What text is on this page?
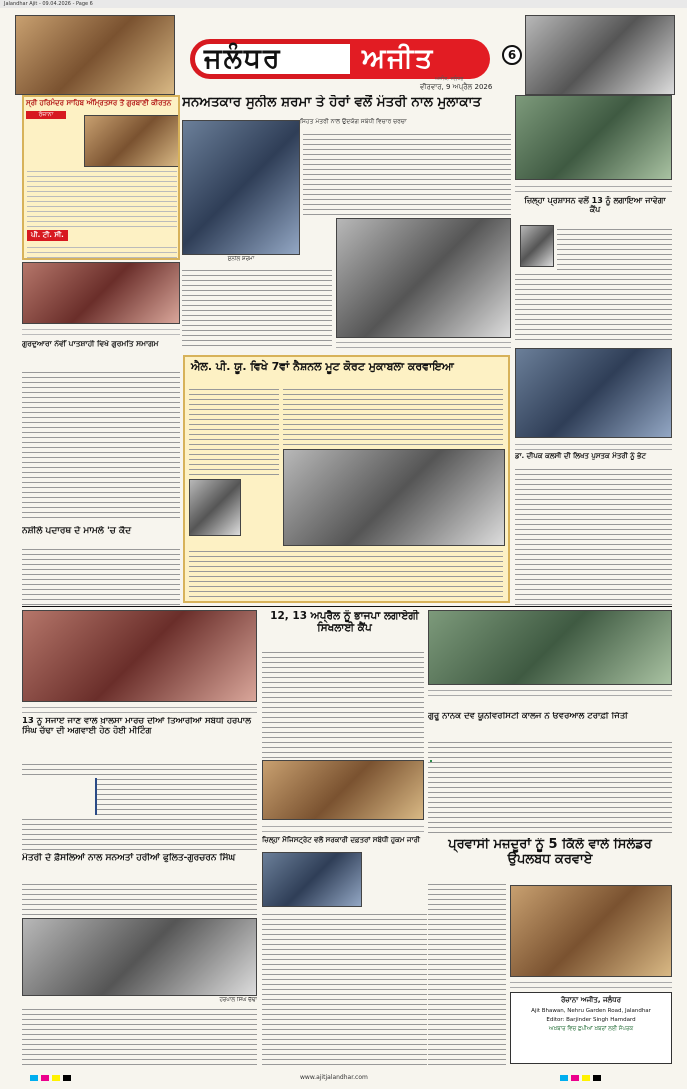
Jalandhar Ajit - 09.04.2026 - Page 6
ਜਲੰਧਰ	ਅਜੀਤ
ਅਜੀਤ, ਜਲੰਧਰ
ਵੀਰਵਾਰ, 9 ਅਪ੍ਰੈਲ 2026
6
ਸ੍ਰੀ ਹਰਿਮੰਦਰ ਸਾਹਿਬ ਅੰਮ੍ਰਿਤਸਰ ਤੋਂ ਗੁਰਬਾਣੀ ਕੀਰਤਨ
ਰੋਜ਼ਾਨਾ
ਪੀ. ਟੀ. ਸੀ.
ਸਨਅਤਕਾਰ ਸੁਨੀਲ ਸ਼ਰਮਾ ਤੇ ਹੋਰਾਂ ਵਲੋਂ ਮੰਤਰੀ ਨਾਲ ਮੁਲਾਕਾਤ
ਸਿਹਤ ਮੰਤਰੀ ਨਾਲ ਉਦਯੋਗ ਸਬੰਧੀ ਵਿਚਾਰ ਚਰਚਾ
ਸੁਨੀਲ ਸ਼ਰਮਾ
ਜ਼ਿਲ੍ਹਾ ਪ੍ਰਸ਼ਾਸਨ ਵਲੋਂ 13 ਨੂੰ ਲਗਾਇਆ ਜਾਵੇਗਾ ਕੈਂਪ
ਗੁਰਦੁਆਰਾ ਨੌਵੀਂ ਪਾਤਸ਼ਾਹੀ ਵਿਖੇ ਗੁਰਮਤਿ ਸਮਾਗਮ
ਐਲ. ਪੀ. ਯੂ. ਵਿਖੇ 7ਵਾਂ ਨੈਸ਼ਨਲ ਮੂਟ ਕੋਰਟ ਮੁਕਾਬਲਾ ਕਰਵਾਇਆ
ਡਾ. ਦੀਪਕ ਕਲਸੀ ਦੀ ਲਿਖਤ ਪੁਸਤਕ ਮੰਤਰੀ ਨੂੰ ਭੇਟ
ਨਸ਼ੀਲੇ ਪਦਾਰਥ ਦੇ ਮਾਮਲੇ 'ਚ ਕੈਦ
13 ਨੂੰ ਸਜਾਏ ਜਾਣ ਵਾਲੇ ਖ਼ਾਲਸਾ ਮਾਰਚ ਦੀਆਂ ਤਿਆਰੀਆਂ ਸਬੰਧੀ ਹਰਪਾਲ ਸਿੰਘ ਚੱਢਾ ਦੀ ਅਗਵਾਈ ਹੇਠ ਹੋਈ ਮੀਟਿੰਗ
12, 13 ਅਪ੍ਰੈਲ ਨੂੰ ਭਾਜਪਾ ਲਗਾਏਗੀ ਸਿਖਲਾਈ ਕੈਂਪ
ਗੁਰੂ ਨਾਨਕ ਦੇਵ ਯੂਨੀਵਰਸਿਟੀ ਕਾਲਜ ਨੇ ਓਵਰਆਲ ਟਰਾਫ਼ੀ ਜਿੱਤੀ
ਜ਼ਿਲ੍ਹਾ ਮੈਜਿਸਟ੍ਰੇਟ ਵਲੋਂ ਸਰਕਾਰੀ ਦਫ਼ਤਰਾਂ ਸਬੰਧੀ ਹੁਕਮ ਜਾਰੀ	ਪ੍ਰਵਾਸੀ ਮਜ਼ਦੂਰਾਂ ਨੂੰ 5 ਕਿੱਲੋ ਵਾਲੇ ਸਿਲੰਡਰ ਉਪਲਬਧ ਕਰਵਾਏ
ਮੰਤਰੀ ਦੇ ਫ਼ੈਸਲਿਆਂ ਨਾਲ ਸਨਅਤਾਂ ਹਰੀਆਂ ਫੁਲਿਤ-ਗੁਰਚਰਨ ਸਿੰਘ
ਹਰਪਾਲ ਸਿੰਘ ਚੱਢਾ	ਰੋਜ਼ਾਨਾ ਅਜੀਤ, ਜਲੰਧਰ
Ajit Bhawan, Nehru Garden Road, Jalandhar
Editor: Barjinder Singh Hamdard
ਅਖ਼ਬਾਰ ਵਿਚ ਛਪੀਆਂ ਖ਼ਬਰਾਂ ਲਈ ਸੰਪਰਕ
www.ajitjalandhar.com
